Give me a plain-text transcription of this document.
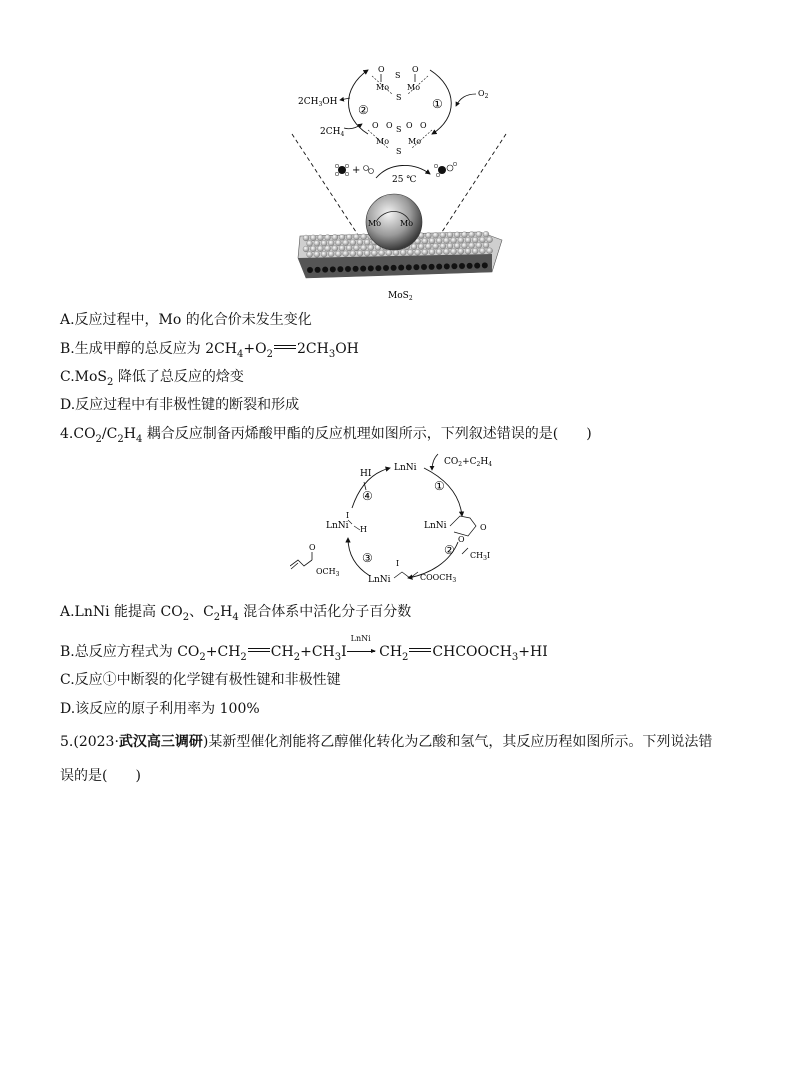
O	O
S
Mo Mo
S	①
②
$O_2$
$2CH_3OH$
$2CH_4$
O O S O O
Mo Mo
S
+
25 ℃
Mo Mo
MoS$_2$
A.反应过程中，Mo 的化合价未发生变化
B.生成甲醇的总反应为 $2CH_4+O_2$ $2CH_3OH$
C.MoS$_2$ 降低了总反应的焓变
D.反应过程中有非极性键的断裂和形成
$4.CO_2/C_2H_4$ 耦合反应制备丙烯酸甲酯的反应机理如图所示，下列叙述错误的是(　　)
LnNi
HI
④
$CO_2+C_2H_4$
①
I
LnNi H	LnNi	O
O
② $CH_3I$
③
O
$OCH_3$
I
LnNi	$COOCH_3$
A.LnNi 能提高 $CO_2$、$C_2H_4$ 混合体系中活化分子百分数
B.总反应方程式为 $CO_2+CH_2$ $CH_2+CH_3I$
LnNi
$CH_2$ $CHCOOCH_3+HI$
C.反应①中断裂的化学键有极性键和非极性键
D.该反应的原子利用率为 100%
5.(2023·武汉高三调研)某新型催化剂能将乙醇催化转化为乙酸和氢气，其反应历程如图所示。下列说法错
误的是(　　)
